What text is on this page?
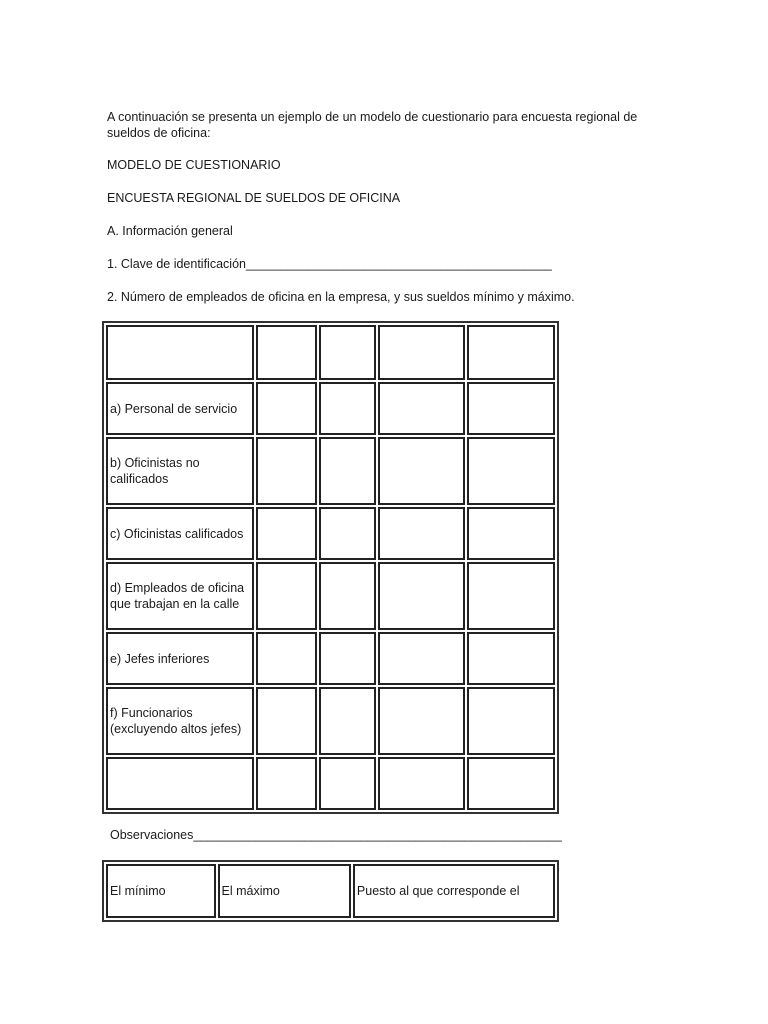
A continuación se presenta un ejemplo de un modelo de cuestionario para encuesta regional de sueldos de oficina:

MODELO DE CUESTIONARIO

ENCUESTA REGIONAL DE SUELDOS DE OFICINA

A. Información general

1. Clave de identificación____________________________________________

2. Número de empleados de oficina en la empresa, y sus sueldos mínimo y máximo.

a) Personal de servicio				
b) Oficinistas no calificados				
c) Oficinistas calificados				
d) Empleados de oficina que trabajan en la calle				
e) Jefes inferiores				
f) Funcionarios (excluyendo altos jefes)				

Observaciones_____________________________________________________

El mínimo	El máximo	Puesto al que corresponde el
